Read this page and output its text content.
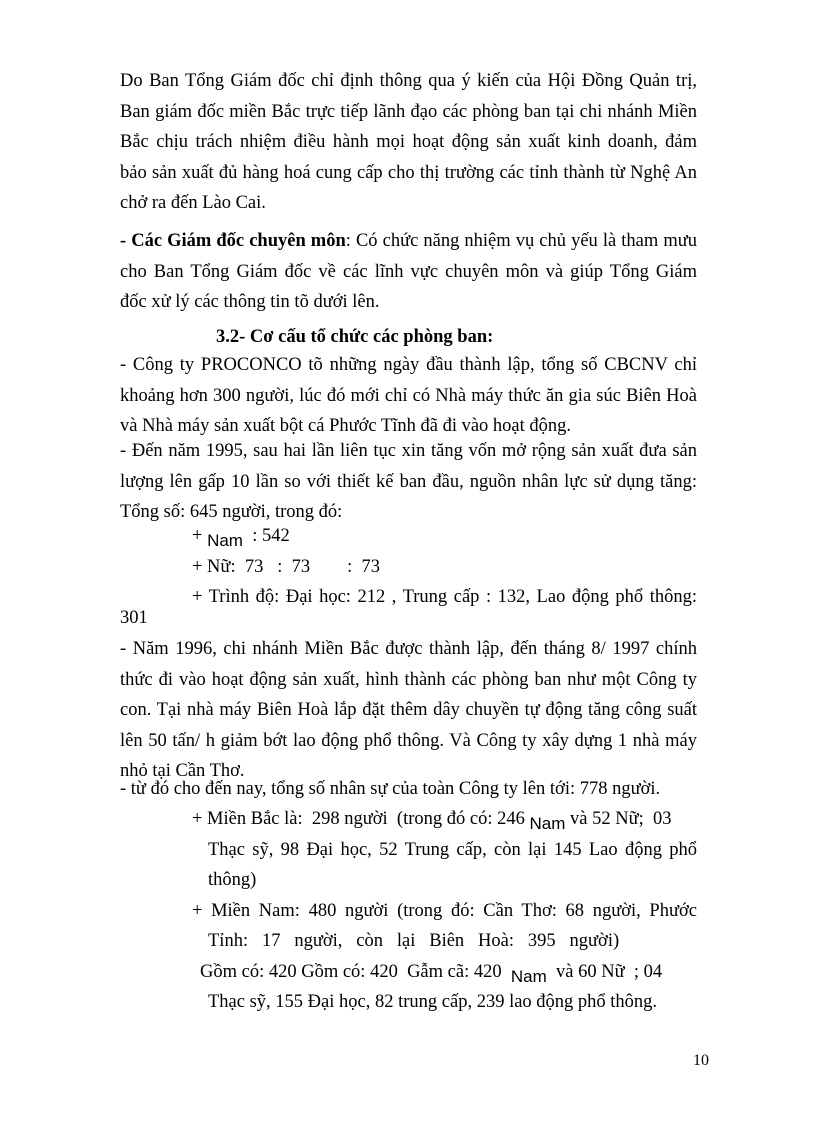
Do Ban Tổng Giám đốc chỉ định thông qua ý kiến của Hội Đồng Quản trị,
Ban giám đốc miền Bắc trực tiếp lãnh đạo các phòng ban tại chi nhánh Miền
Bắc chịu trách nhiệm điều hành mọi hoạt động sản xuất kinh doanh, đảm
bảo sản xuất đủ hàng hoá cung cấp cho thị trường các tỉnh thành từ Nghệ An
chở ra đến Lào Cai.
- Các Giám đốc chuyên môn: Có chức năng nhiệm vụ chủ yếu là tham mưu
cho Ban Tổng Giám đốc về các lĩnh vực chuyên môn và giúp Tổng Giám
đốc xử lý các thông tin tõ dưới lên.
3.2- Cơ cấu tổ chức các phòng ban:
- Công ty PROCONCO tõ những ngày đầu thành lập, tổng số CBCNV chỉ
khoảng hơn 300 người, lúc đó mới chỉ có Nhà máy thức ăn gia súc Biên Hoà
và Nhà máy sản xuất bột cá Phước Tĩnh đã đi vào hoạt động.
- Đến năm 1995, sau hai lần liên tục xin tăng vốn mở rộng sản xuất đưa sản
lượng lên gấp 10 lần so với thiết kế ban đầu, nguồn nhân lực sử dụng tăng:
Tổng số: 645 người, trong đó:
+ Nam  : 542
+ Nữ:  73   :  73        :  73
+ Trình độ: Đại học: 212 , Trung cấp : 132, Lao động phổ thông:
301
- Năm 1996, chi nhánh Miền Bắc được thành lập, đến tháng 8/ 1997 chính
thức đi vào hoạt động sản xuất, hình thành các phòng ban như một Công ty
con. Tại nhà máy Biên Hoà lắp đặt thêm dây chuyền tự động tăng công suất
lên 50 tấn/ h giảm bớt lao động phổ thông. Và Công ty xây dựng 1 nhà máy
nhỏ tại Cần Thơ.
- từ đó cho đến nay, tổng số nhân sự của toàn Công ty lên tới: 778 người.
+ Miền Bắc là:  298 người  (trong đó có: 246 Nam và 52 Nữ;  03
Thạc sỹ, 98 Đại học, 52 Trung cấp, còn lại 145 Lao động phổ
thông)
+ Miền Nam: 480 người (trong đó: Cần Thơ: 68 người, Phước
Tỉnh:   17   người,   còn   lại   Biên   Hoà:   395   người)
Gồm có: 420 Gồm có: 420  Gẫm cã: 420  Nam  và 60 Nữ  ; 04
Thạc sỹ, 155 Đại học, 82 trung cấp, 239 lao động phổ thông.
10
